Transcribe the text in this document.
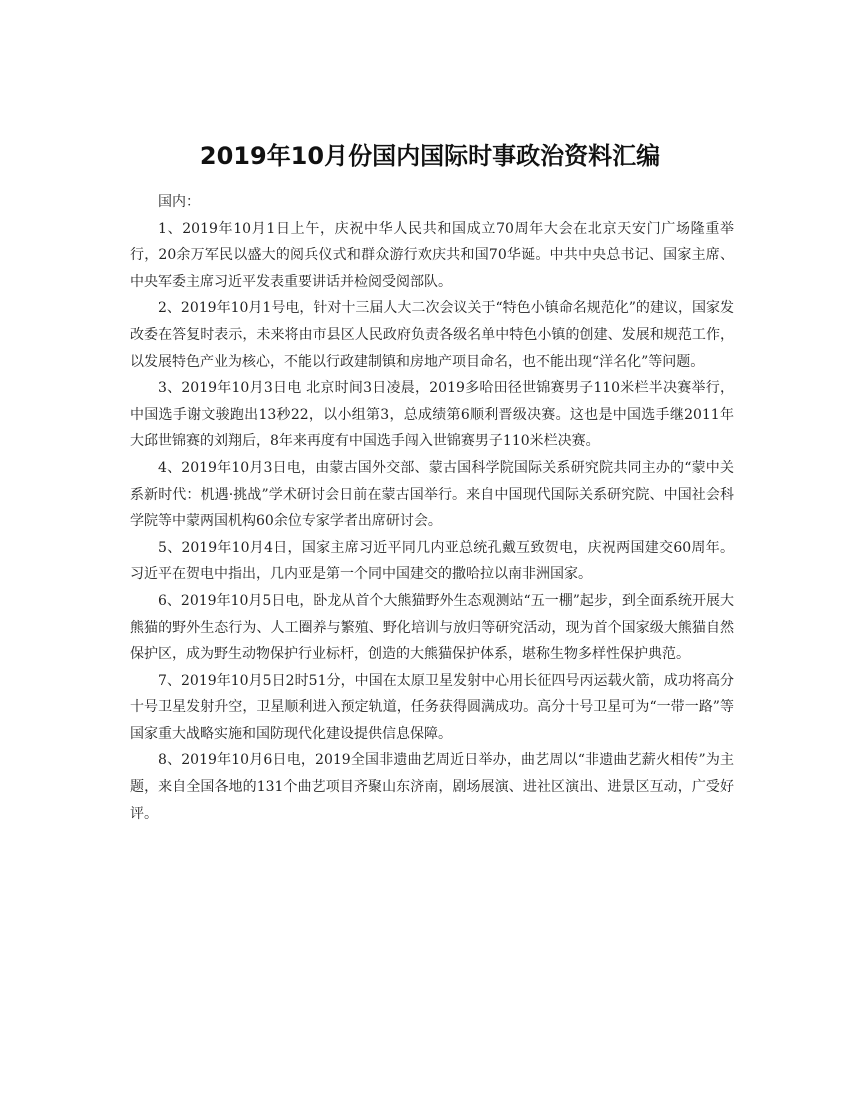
2019年10月份国内国际时事政治资料汇编

国内：

1、2019年10月1日上午，庆祝中华人民共和国成立70周年大会在北京天安门广场隆重举行，20余万军民以盛大的阅兵仪式和群众游行欢庆共和国70华诞。中共中央总书记、国家主席、中央军委主席习近平发表重要讲话并检阅受阅部队。

2、2019年10月1号电，针对十三届人大二次会议关于“特色小镇命名规范化”的建议，国家发改委在答复时表示，未来将由市县区人民政府负责各级名单中特色小镇的创建、发展和规范工作，以发展特色产业为核心，不能以行政建制镇和房地产项目命名，也不能出现“洋名化”等问题。

3、2019年10月3日电 北京时间3日凌晨，2019多哈田径世锦赛男子110米栏半决赛举行，中国选手谢文骏跑出13秒22，以小组第3，总成绩第6顺利晋级决赛。这也是中国选手继2011年大邱世锦赛的刘翔后，8年来再度有中国选手闯入世锦赛男子110米栏决赛。

4、2019年10月3日电，由蒙古国外交部、蒙古国科学院国际关系研究院共同主办的“蒙中关系新时代：机遇·挑战”学术研讨会日前在蒙古国举行。来自中国现代国际关系研究院、中国社会科学院等中蒙两国机构60余位专家学者出席研讨会。

5、2019年10月4日，国家主席习近平同几内亚总统孔戴互致贺电，庆祝两国建交60周年。习近平在贺电中指出，几内亚是第一个同中国建交的撒哈拉以南非洲国家。

6、2019年10月5日电，卧龙从首个大熊猫野外生态观测站“五一棚”起步，到全面系统开展大熊猫的野外生态行为、人工圈养与繁殖、野化培训与放归等研究活动，现为首个国家级大熊猫自然保护区，成为野生动物保护行业标杆，创造的大熊猫保护体系，堪称生物多样性保护典范。

7、2019年10月5日2时51分，中国在太原卫星发射中心用长征四号丙运载火箭，成功将高分十号卫星发射升空，卫星顺利进入预定轨道，任务获得圆满成功。高分十号卫星可为“一带一路”等国家重大战略实施和国防现代化建设提供信息保障。

8、2019年10月6日电，2019全国非遗曲艺周近日举办，曲艺周以“非遗曲艺薪火相传”为主题，来自全国各地的131个曲艺项目齐聚山东济南，剧场展演、进社区演出、进景区互动，广受好评。
